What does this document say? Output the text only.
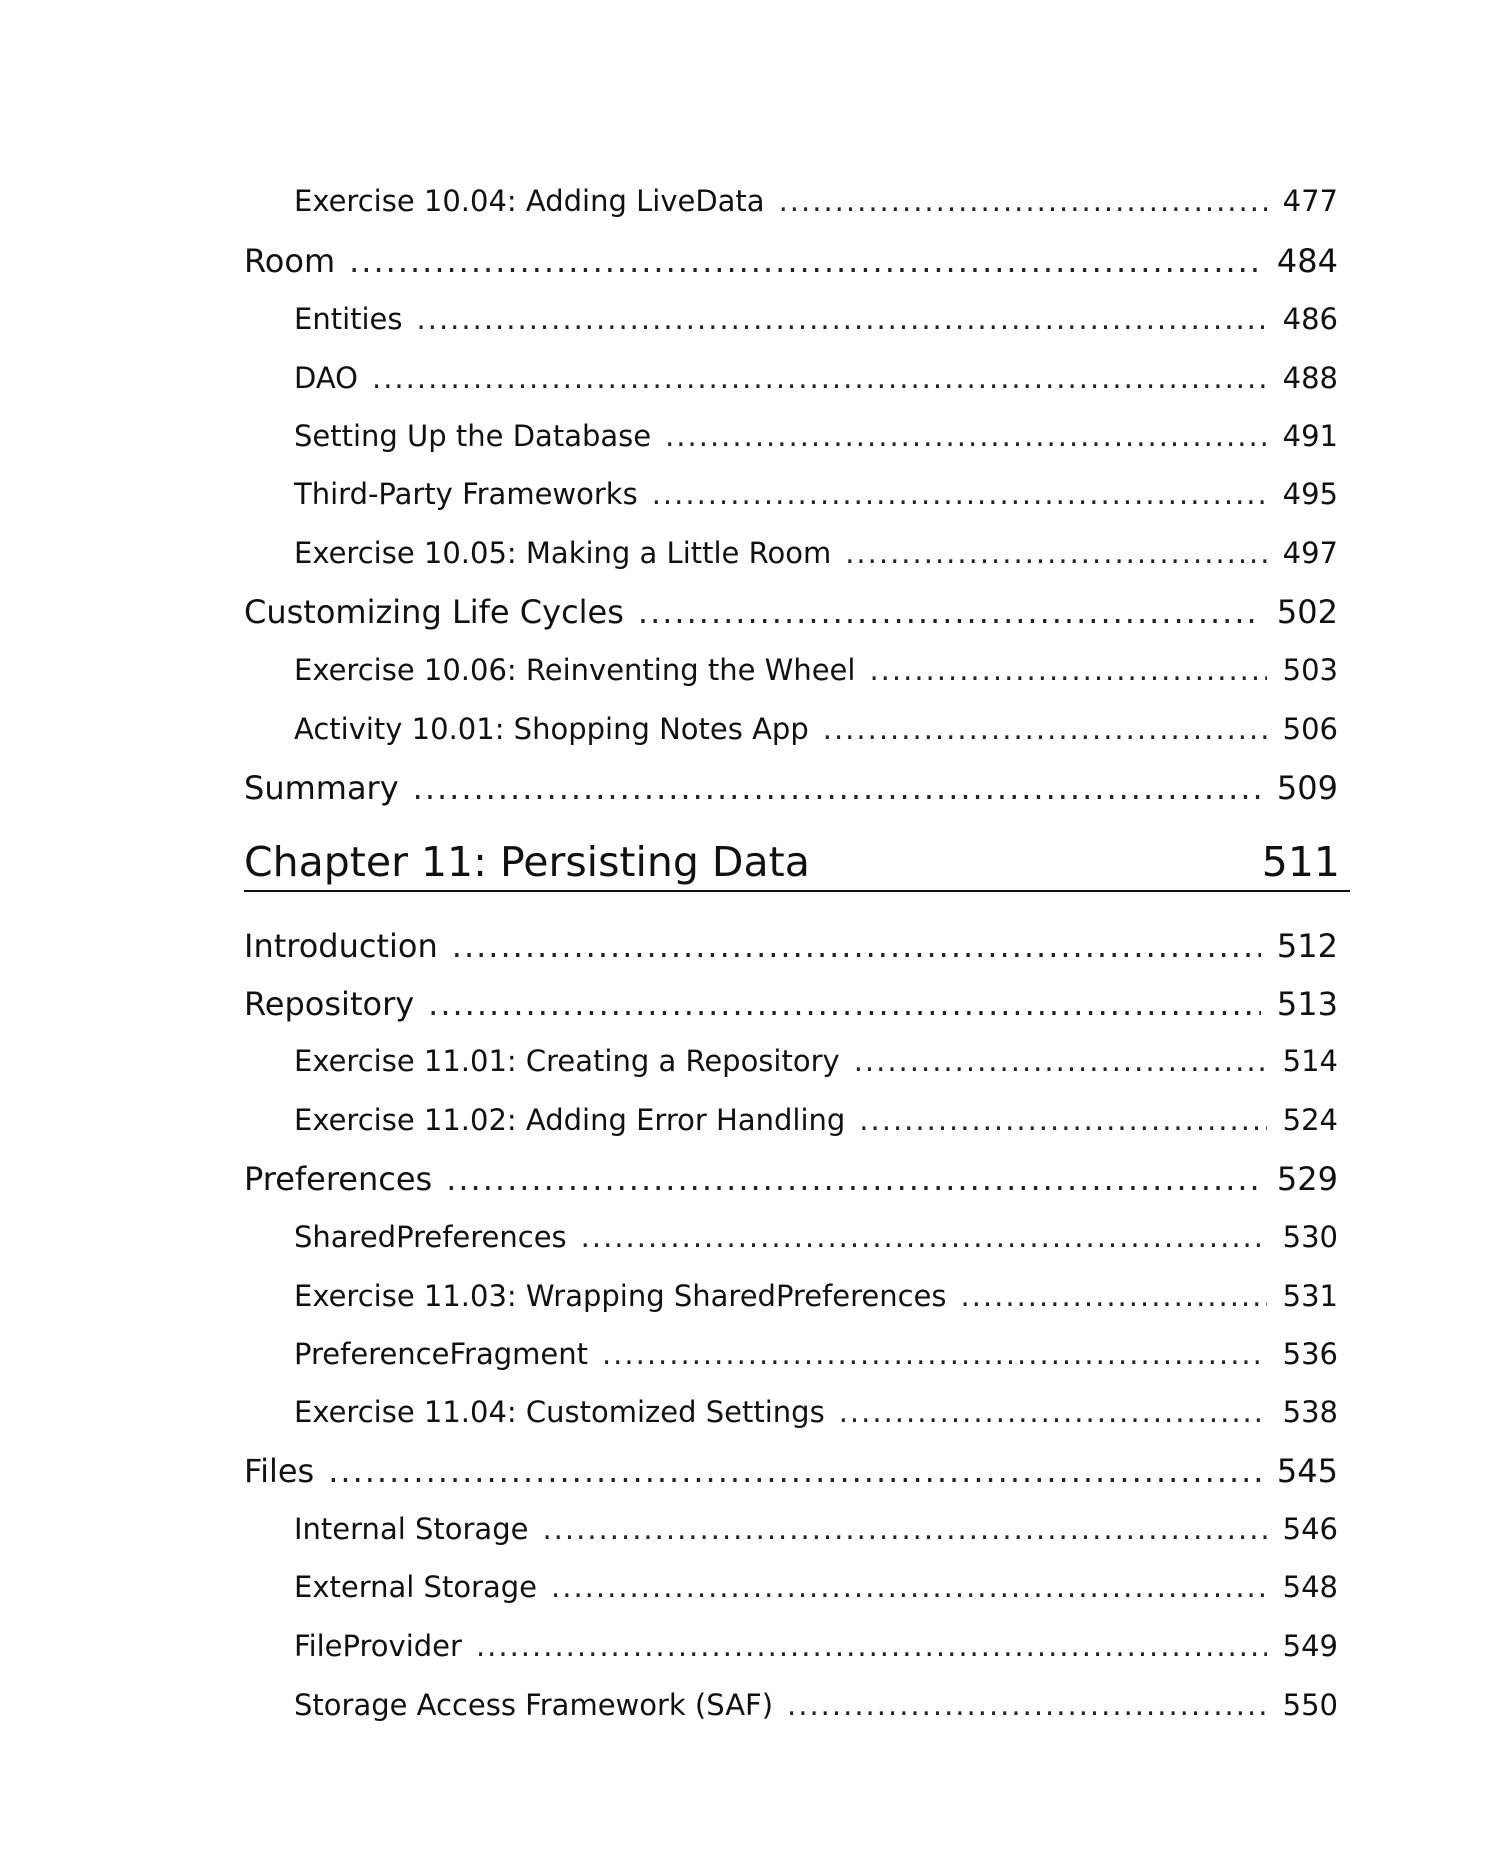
Exercise 10.04: Adding LiveData .....	477
Room .....	484
Entities .....	486
DAO .....	488
Setting Up the Database .....	491
Third-Party Frameworks .....	495
Exercise 10.05: Making a Little Room .....	497
Customizing Life Cycles .....	502
Exercise 10.06: Reinventing the Wheel .....	503
Activity 10.01: Shopping Notes App .....	506
Summary .....	509
Chapter 11: Persisting Data	511
Introduction .....	512
Repository .....	513
Exercise 11.01: Creating a Repository .....	514
Exercise 11.02: Adding Error Handling .....	524
Preferences .....	529
SharedPreferences .....	530
Exercise 11.03: Wrapping SharedPreferences .....	531
PreferenceFragment .....	536
Exercise 11.04: Customized Settings .....	538
Files .....	545
Internal Storage .....	546
External Storage .....	548
FileProvider .....	549
Storage Access Framework (SAF) .....	550
